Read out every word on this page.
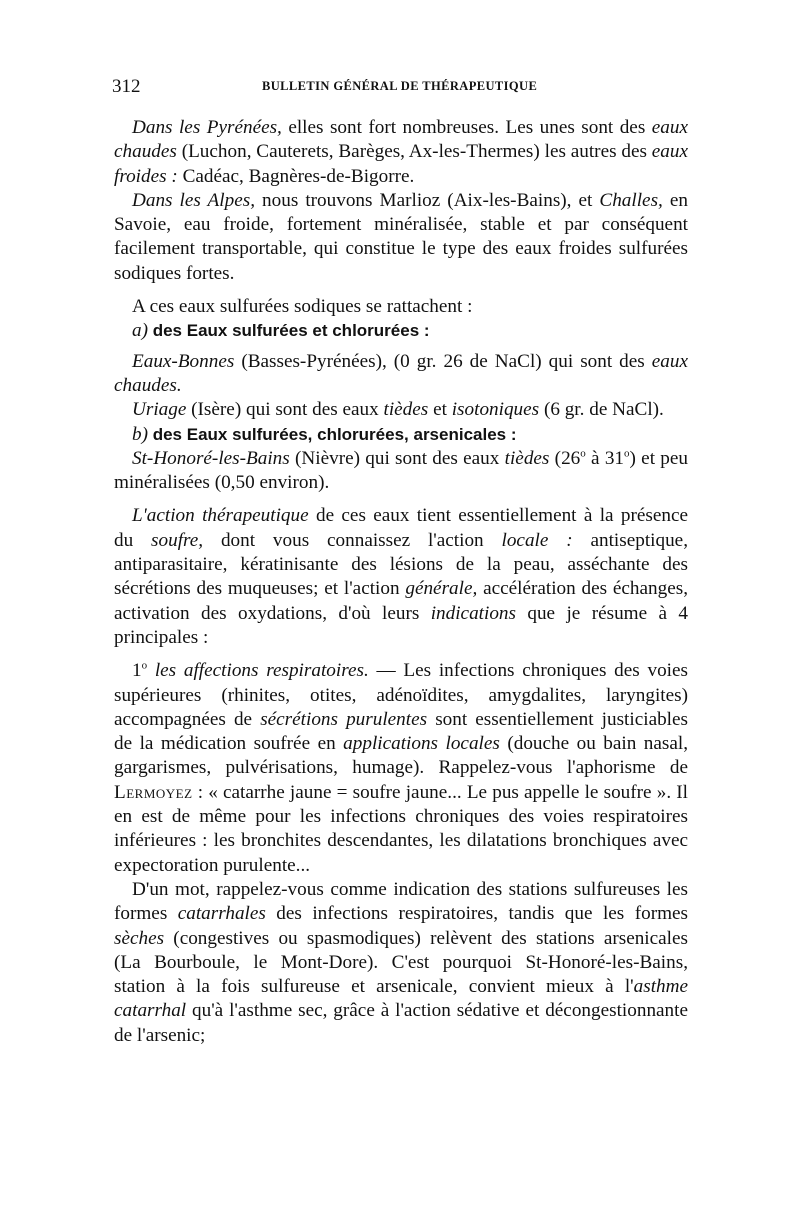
312	BULLETIN GÉNÉRAL DE THÉRAPEUTIQUE

Dans les Pyrénées, elles sont fort nombreuses. Les unes sont des eaux chaudes (Luchon, Cauterets, Barèges, Ax-les-Thermes) les autres des eaux froides : Cadéac, Bagnères-de-Bigorre.

Dans les Alpes, nous trouvons Marlioz (Aix-les-Bains), et Challes, en Savoie, eau froide, fortement minéralisée, stable et par conséquent facilement transportable, qui constitue le type des eaux froides sulfurées sodiques fortes.

A ces eaux sulfurées sodiques se rattachent :

a) des Eaux sulfurées et chlorurées :

Eaux-Bonnes (Basses-Pyrénées), (0 gr. 26 de NaCl) qui sont des eaux chaudes.

Uriage (Isère) qui sont des eaux tièdes et isotoniques (6 gr. de NaCl).

b) des Eaux sulfurées, chlorurées, arsenicales :

St-Honoré-les-Bains (Nièvre) qui sont des eaux tièdes (26$^o$ à 31$^o$) et peu minéralisées (0,50 environ).

L'action thérapeutique de ces eaux tient essentiellement à la présence du soufre, dont vous connaissez l'action locale : antiseptique, antiparasitaire, kératinisante des lésions de la peau, asséchante des sécrétions des muqueuses; et l'action générale, accélération des échanges, activation des oxydations, d'où leurs indications que je résume à 4 principales :

1$^o$ les affections respiratoires. — Les infections chroniques des voies supérieures (rhinites, otites, adénoïdites, amygdalites, laryngites) accompagnées de sécrétions purulentes sont essentiellement justiciables de la médication soufrée en applications locales (douche ou bain nasal, gargarismes, pulvérisations, humage). Rappelez-vous l'aphorisme de Lermoyez : « catarrhe jaune = soufre jaune... Le pus appelle le soufre ». Il en est de même pour les infections chroniques des voies respiratoires inférieures : les bronchites descendantes, les dilatations bronchiques avec expectoration purulente...

D'un mot, rappelez-vous comme indication des stations sulfureuses les formes catarrhales des infections respiratoires, tandis que les formes sèches (congestives ou spasmodiques) relèvent des stations arsenicales (La Bourboule, le Mont-Dore). C'est pourquoi St-Honoré-les-Bains, station à la fois sulfureuse et arsenicale, convient mieux à l'asthme catarrhal qu'à l'asthme sec, grâce à l'action sédative et décongestionnante de l'arsenic;
